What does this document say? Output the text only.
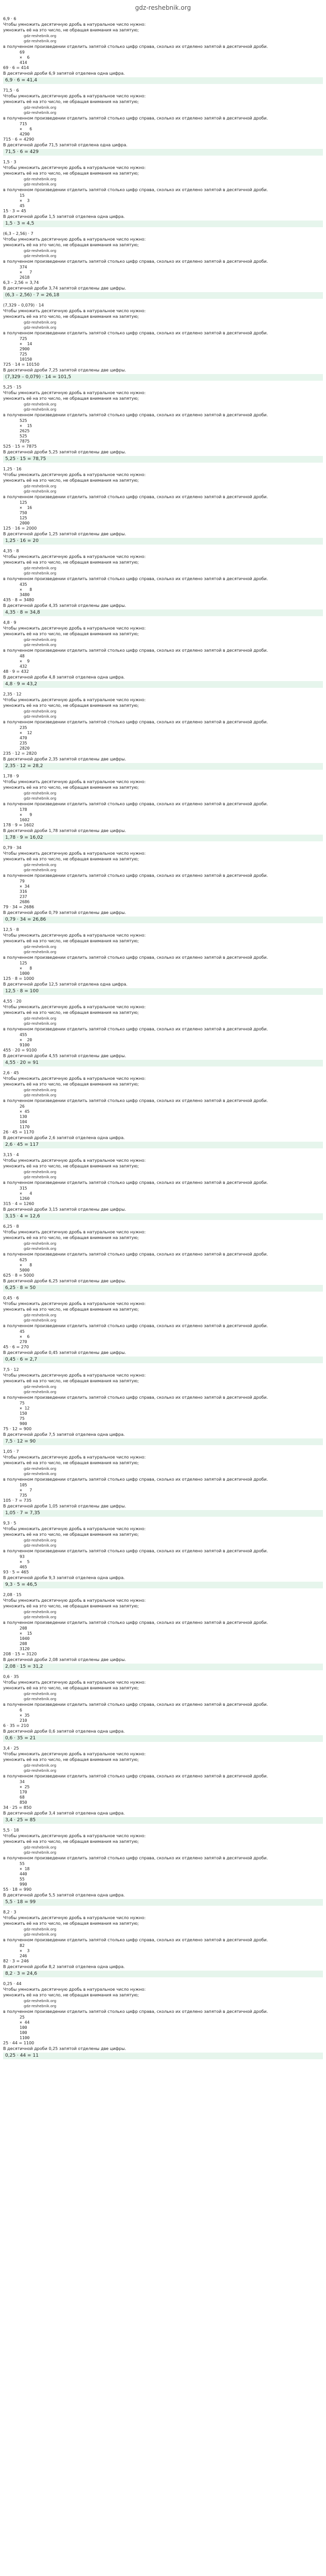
gdz-reshebnik.org
6,9 · 6
Чтобы умножить десятичную дробь в натуральное число нужно:
умножить её на это число, не обращая внимания на запятую;
gdz-reshebnik.org
gdz-reshebnik.org
в полученном произведении отделить запятой столько цифр справа, сколько их отделено запятой в десятичной дроби.
69
×  6
414
69 · 6 = 414
В десятичной дроби 6,9 запятой отделена одна цифра.
6,9 · 6 = 41,4
71,5 · 6
Чтобы умножить десятичную дробь в натуральное число нужно:
умножить её на это число, не обращая внимания на запятую;
gdz-reshebnik.org
gdz-reshebnik.org
в полученном произведении отделить запятой столько цифр справа, сколько их отделено запятой в десятичной дроби.
715
×   6
4290
715 · 6 = 4290
В десятичной дроби 71,5 запятой отделена одна цифра.
71,5 · 6 = 429
1,5 · 3
Чтобы умножить десятичную дробь в натуральное число нужно:
умножить её на это число, не обращая внимания на запятую;
gdz-reshebnik.org
gdz-reshebnik.org
в полученном произведении отделить запятой столько цифр справа, сколько их отделено запятой в десятичной дроби.
15
×  3
45
15 · 3 = 45
В десятичной дроби 1,5 запятой отделена одна цифра.
1,5 · 3 = 4,5
(6,3 – 2,56) · 7
Чтобы умножить десятичную дробь в натуральное число нужно:
умножить её на это число, не обращая внимания на запятую;
gdz-reshebnik.org
gdz-reshebnik.org
в полученном произведении отделить запятой столько цифр справа, сколько их отделено запятой в десятичной дроби.
374
×   7
2618
6,3 – 2,56 = 3,74
В десятичной дроби 3,74 запятой отделены две цифры.
(6,3 – 2,56) · 7 = 26,18
(7,329 – 0,079) · 14
Чтобы умножить десятичную дробь в натуральное число нужно:
умножить её на это число, не обращая внимания на запятую;
gdz-reshebnik.org
gdz-reshebnik.org
в полученном произведении отделить запятой столько цифр справа, сколько их отделено запятой в десятичной дроби.
725
×  14
2900
725
10150
725 · 14 = 10150
В десятичной дроби 7,25 запятой отделены две цифры.
(7,329 – 0,079) · 14 = 101,5
5,25 · 15
Чтобы умножить десятичную дробь в натуральное число нужно:
умножить её на это число, не обращая внимания на запятую;
gdz-reshebnik.org
gdz-reshebnik.org
в полученном произведении отделить запятой столько цифр справа, сколько их отделено запятой в десятичной дроби.
525
×  15
2625
525
7875
525 · 15 = 7875
В десятичной дроби 5,25 запятой отделены две цифры.
5,25 · 15 = 78,75
1,25 · 16
Чтобы умножить десятичную дробь в натуральное число нужно:
умножить её на это число, не обращая внимания на запятую;
gdz-reshebnik.org
gdz-reshebnik.org
в полученном произведении отделить запятой столько цифр справа, сколько их отделено запятой в десятичной дроби.
125
×  16
750
125
2000
125 · 16 = 2000
В десятичной дроби 1,25 запятой отделены две цифры.
1,25 · 16 = 20
4,35 · 8
Чтобы умножить десятичную дробь в натуральное число нужно:
умножить её на это число, не обращая внимания на запятую;
gdz-reshebnik.org
gdz-reshebnik.org
в полученном произведении отделить запятой столько цифр справа, сколько их отделено запятой в десятичной дроби.
435
×   8
3480
435 · 8 = 3480
В десятичной дроби 4,35 запятой отделены две цифры.
4,35 · 8 = 34,8
4,8 · 9
Чтобы умножить десятичную дробь в натуральное число нужно:
умножить её на это число, не обращая внимания на запятую;
gdz-reshebnik.org
gdz-reshebnik.org
в полученном произведении отделить запятой столько цифр справа, сколько их отделено запятой в десятичной дроби.
48
×  9
432
48 · 9 = 432
В десятичной дроби 4,8 запятой отделена одна цифра.
4,8 · 9 = 43,2
2,35 · 12
Чтобы умножить десятичную дробь в натуральное число нужно:
умножить её на это число, не обращая внимания на запятую;
gdz-reshebnik.org
gdz-reshebnik.org
в полученном произведении отделить запятой столько цифр справа, сколько их отделено запятой в десятичной дроби.
235
×  12
470
235
2820
235 · 12 = 2820
В десятичной дроби 2,35 запятой отделены две цифры.
2,35 · 12 = 28,2
1,78 · 9
Чтобы умножить десятичную дробь в натуральное число нужно:
умножить её на это число, не обращая внимания на запятую;
gdz-reshebnik.org
gdz-reshebnik.org
в полученном произведении отделить запятой столько цифр справа, сколько их отделено запятой в десятичной дроби.
178
×   9
1602
178 · 9 = 1602
В десятичной дроби 1,78 запятой отделены две цифры.
1,78 · 9 = 16,02
0,79 · 34
Чтобы умножить десятичную дробь в натуральное число нужно:
умножить её на это число, не обращая внимания на запятую;
gdz-reshebnik.org
gdz-reshebnik.org
в полученном произведении отделить запятой столько цифр справа, сколько их отделено запятой в десятичной дроби.
79
× 34
316
237
2686
79 · 34 = 2686
В десятичной дроби 0,79 запятой отделены две цифры.
0,79 · 34 = 26,86
12,5 · 8
Чтобы умножить десятичную дробь в натуральное число нужно:
умножить её на это число, не обращая внимания на запятую;
gdz-reshebnik.org
gdz-reshebnik.org
в полученном произведении отделить запятой столько цифр справа, сколько их отделено запятой в десятичной дроби.
125
×   8
1000
125 · 8 = 1000
В десятичной дроби 12,5 запятой отделена одна цифра.
12,5 · 8 = 100
4,55 · 20
Чтобы умножить десятичную дробь в натуральное число нужно:
умножить её на это число, не обращая внимания на запятую;
gdz-reshebnik.org
gdz-reshebnik.org
в полученном произведении отделить запятой столько цифр справа, сколько их отделено запятой в десятичной дроби.
455
×  20
9100
455 · 20 = 9100
В десятичной дроби 4,55 запятой отделены две цифры.
4,55 · 20 = 91
2,6 · 45
Чтобы умножить десятичную дробь в натуральное число нужно:
умножить её на это число, не обращая внимания на запятую;
gdz-reshebnik.org
gdz-reshebnik.org
в полученном произведении отделить запятой столько цифр справа, сколько их отделено запятой в десятичной дроби.
26
× 45
130
104
1170
26 · 45 = 1170
В десятичной дроби 2,6 запятой отделена одна цифра.
2,6 · 45 = 117
3,15 · 4
Чтобы умножить десятичную дробь в натуральное число нужно:
умножить её на это число, не обращая внимания на запятую;
gdz-reshebnik.org
gdz-reshebnik.org
в полученном произведении отделить запятой столько цифр справа, сколько их отделено запятой в десятичной дроби.
315
×   4
1260
315 · 4 = 1260
В десятичной дроби 3,15 запятой отделены две цифры.
3,15 · 4 = 12,6
6,25 · 8
Чтобы умножить десятичную дробь в натуральное число нужно:
умножить её на это число, не обращая внимания на запятую;
gdz-reshebnik.org
gdz-reshebnik.org
в полученном произведении отделить запятой столько цифр справа, сколько их отделено запятой в десятичной дроби.
625
×   8
5000
625 · 8 = 5000
В десятичной дроби 6,25 запятой отделены две цифры.
6,25 · 8 = 50
0,45 · 6
Чтобы умножить десятичную дробь в натуральное число нужно:
умножить её на это число, не обращая внимания на запятую;
gdz-reshebnik.org
gdz-reshebnik.org
в полученном произведении отделить запятой столько цифр справа, сколько их отделено запятой в десятичной дроби.
45
×  6
270
45 · 6 = 270
В десятичной дроби 0,45 запятой отделены две цифры.
0,45 · 6 = 2,7
7,5 · 12
Чтобы умножить десятичную дробь в натуральное число нужно:
умножить её на это число, не обращая внимания на запятую;
gdz-reshebnik.org
gdz-reshebnik.org
в полученном произведении отделить запятой столько цифр справа, сколько их отделено запятой в десятичной дроби.
75
× 12
150
75
900
75 · 12 = 900
В десятичной дроби 7,5 запятой отделена одна цифра.
7,5 · 12 = 90
1,05 · 7
Чтобы умножить десятичную дробь в натуральное число нужно:
умножить её на это число, не обращая внимания на запятую;
gdz-reshebnik.org
gdz-reshebnik.org
в полученном произведении отделить запятой столько цифр справа, сколько их отделено запятой в десятичной дроби.
105
×   7
735
105 · 7 = 735
В десятичной дроби 1,05 запятой отделены две цифры.
1,05 · 7 = 7,35
9,3 · 5
Чтобы умножить десятичную дробь в натуральное число нужно:
умножить её на это число, не обращая внимания на запятую;
gdz-reshebnik.org
gdz-reshebnik.org
в полученном произведении отделить запятой столько цифр справа, сколько их отделено запятой в десятичной дроби.
93
×  5
465
93 · 5 = 465
В десятичной дроби 9,3 запятой отделена одна цифра.
9,3 · 5 = 46,5
2,08 · 15
Чтобы умножить десятичную дробь в натуральное число нужно:
умножить её на это число, не обращая внимания на запятую;
gdz-reshebnik.org
gdz-reshebnik.org
в полученном произведении отделить запятой столько цифр справа, сколько их отделено запятой в десятичной дроби.
208
×  15
1040
208
3120
208 · 15 = 3120
В десятичной дроби 2,08 запятой отделены две цифры.
2,08 · 15 = 31,2
0,6 · 35
Чтобы умножить десятичную дробь в натуральное число нужно:
умножить её на это число, не обращая внимания на запятую;
gdz-reshebnik.org
gdz-reshebnik.org
в полученном произведении отделить запятой столько цифр справа, сколько их отделено запятой в десятичной дроби.
6
× 35
210
6 · 35 = 210
В десятичной дроби 0,6 запятой отделена одна цифра.
0,6 · 35 = 21
3,4 · 25
Чтобы умножить десятичную дробь в натуральное число нужно:
умножить её на это число, не обращая внимания на запятую;
gdz-reshebnik.org
gdz-reshebnik.org
в полученном произведении отделить запятой столько цифр справа, сколько их отделено запятой в десятичной дроби.
34
× 25
170
68
850
34 · 25 = 850
В десятичной дроби 3,4 запятой отделена одна цифра.
3,4 · 25 = 85
5,5 · 18
Чтобы умножить десятичную дробь в натуральное число нужно:
умножить её на это число, не обращая внимания на запятую;
gdz-reshebnik.org
gdz-reshebnik.org
в полученном произведении отделить запятой столько цифр справа, сколько их отделено запятой в десятичной дроби.
55
× 18
440
55
990
55 · 18 = 990
В десятичной дроби 5,5 запятой отделена одна цифра.
5,5 · 18 = 99
8,2 · 3
Чтобы умножить десятичную дробь в натуральное число нужно:
умножить её на это число, не обращая внимания на запятую;
gdz-reshebnik.org
gdz-reshebnik.org
в полученном произведении отделить запятой столько цифр справа, сколько их отделено запятой в десятичной дроби.
82
×  3
246
82 · 3 = 246
В десятичной дроби 8,2 запятой отделена одна цифра.
8,2 · 3 = 24,6
0,25 · 44
Чтобы умножить десятичную дробь в натуральное число нужно:
умножить её на это число, не обращая внимания на запятую;
gdz-reshebnik.org
gdz-reshebnik.org
в полученном произведении отделить запятой столько цифр справа, сколько их отделено запятой в десятичной дроби.
25
× 44
100
100
1100
25 · 44 = 1100
В десятичной дроби 0,25 запятой отделены две цифры.
0,25 · 44 = 11
